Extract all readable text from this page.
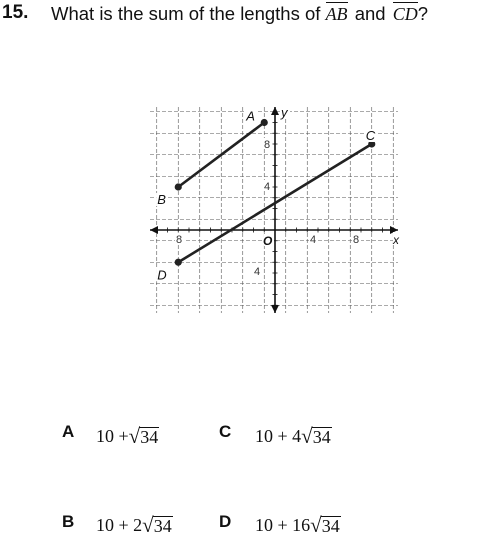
15. What is the sum of the lengths of AB and CD?
O	x
y
8	4	8
8
4
4
A
B
C
D
A 10 + √ 34	C 10 + 4 √ 34
B 10 + 2 √ 34	D 10 + 16 √ 34
